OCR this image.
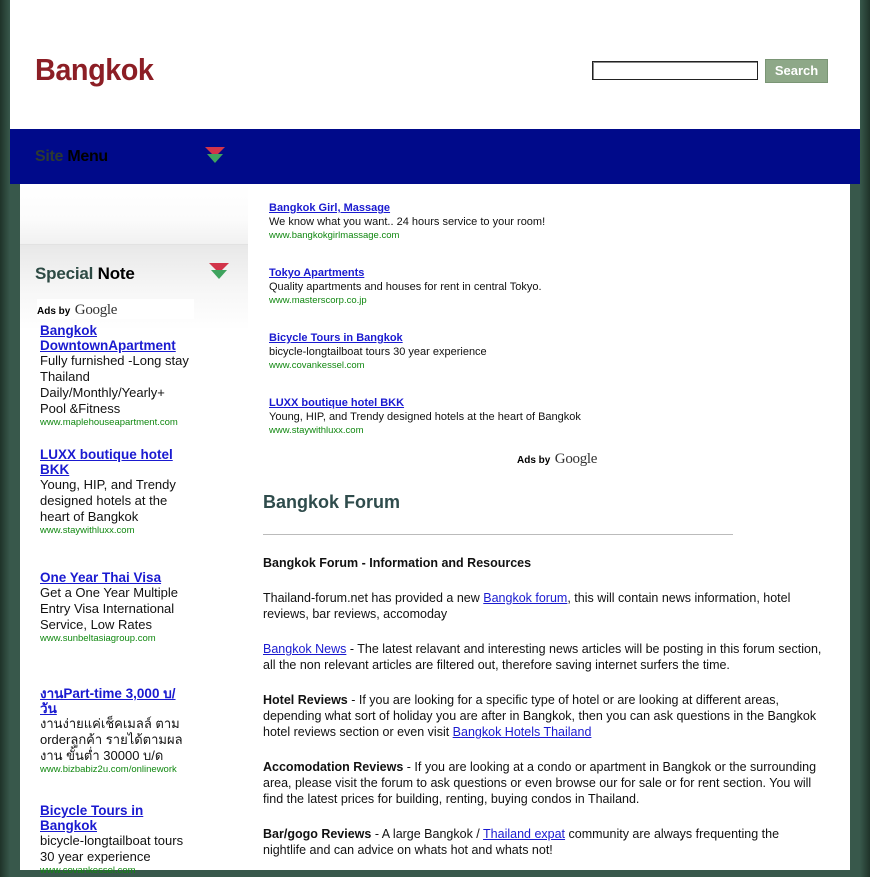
Bangkok	Search
Site Menu
Special Note
Ads by Google
Bangkok DowntownApartment
Fully furnished -Long stay Thailand Daily/Monthly/Yearly+ Pool &Fitness
www.maplehouseapartment.com
LUXX boutique hotel BKK
Young, HIP, and Trendy designed hotels at the heart of Bangkok
www.staywithluxx.com
One Year Thai Visa
Get a One Year Multiple Entry Visa International Service, Low Rates
www.sunbeltasiagroup.com
งานPart-time 3,000 บ/วัน
งานง่ายแค่เช็คเมลล์ ตาม orderลูกค้า รายได้ตามผล งาน ขั้นต่ำ 30000 บ/ด
www.bizbabiz2u.com/onlinework
Bicycle Tours in Bangkok
bicycle-longtailboat tours 30 year experience
www.covankessel.com
Bangkok Girl, Massage
We know what you want.. 24 hours service to your room!
www.bangkokgirlmassage.com
Tokyo Apartments
Quality apartments and houses for rent in central Tokyo.
www.masterscorp.co.jp
Bicycle Tours in Bangkok
bicycle-longtailboat tours 30 year experience
www.covankessel.com
LUXX boutique hotel BKK
Young, HIP, and Trendy designed hotels at the heart of Bangkok
www.staywithluxx.com
Ads by Google
Bangkok Forum
Bangkok Forum - Information and Resources
Thailand-forum.net has provided a new Bangkok forum, this will contain news information, hotel reviews, bar reviews, accomoday
Bangkok News - The latest relavant and interesting news articles will be posting in this forum section, all the non relevant articles are filtered out, therefore saving internet surfers the time.
Hotel Reviews - If you are looking for a specific type of hotel or are looking at different areas, depending what sort of holiday you are after in Bangkok, then you can ask questions in the Bangkok hotel reviews section or even visit Bangkok Hotels Thailand
Accomodation Reviews - If you are looking at a condo or apartment in Bangkok or the surrounding area, please visit the forum to ask questions or even browse our for sale or for rent section. You will find the latest prices for building, renting, buying condos in Thailand.
Bar/gogo Reviews - A large Bangkok / Thailand expat community are always frequenting the nightlife and can advice on whats hot and whats not!
